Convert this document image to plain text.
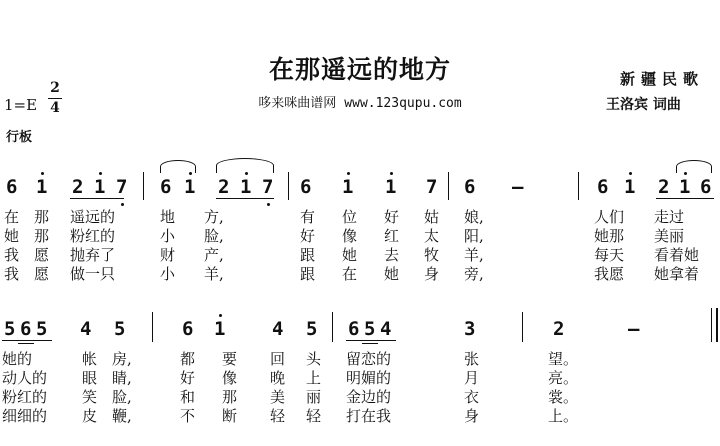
在那遥远的地方
哆来咪曲谱网 www.123qupu.com
新疆民歌
王洛宾 词曲
1=E
2
4
行板
6 1 2 1 7 6 1 2 1 7 6 1 1 7 6 –	6 1 2 1 6
5 6 5 4 5	6 1 4 5 6 5 4	3	2	–
在 那 遥远的	地 方,	有 位 好 姑 娘,	人们 走过
她 那 粉红的	小 脸,	好 像 红 太 阳,	她那 美丽
我 愿 抛弃了	财 产,	跟 她 去 牧 羊,	每天 看着她
我 愿 做一只	小 羊,	跟 在 她 身 旁,	我愿 她拿着
她的	帐 房,	都 要 回 头 留恋的	张	望。
动人的 眼 睛,	好 像 晚 上 明媚的	月	亮。
粉红的 笑 脸,	和 那 美 丽 金边的	衣	裳。
细细的 皮 鞭,	不 断 轻 轻 打在我	身	上。
